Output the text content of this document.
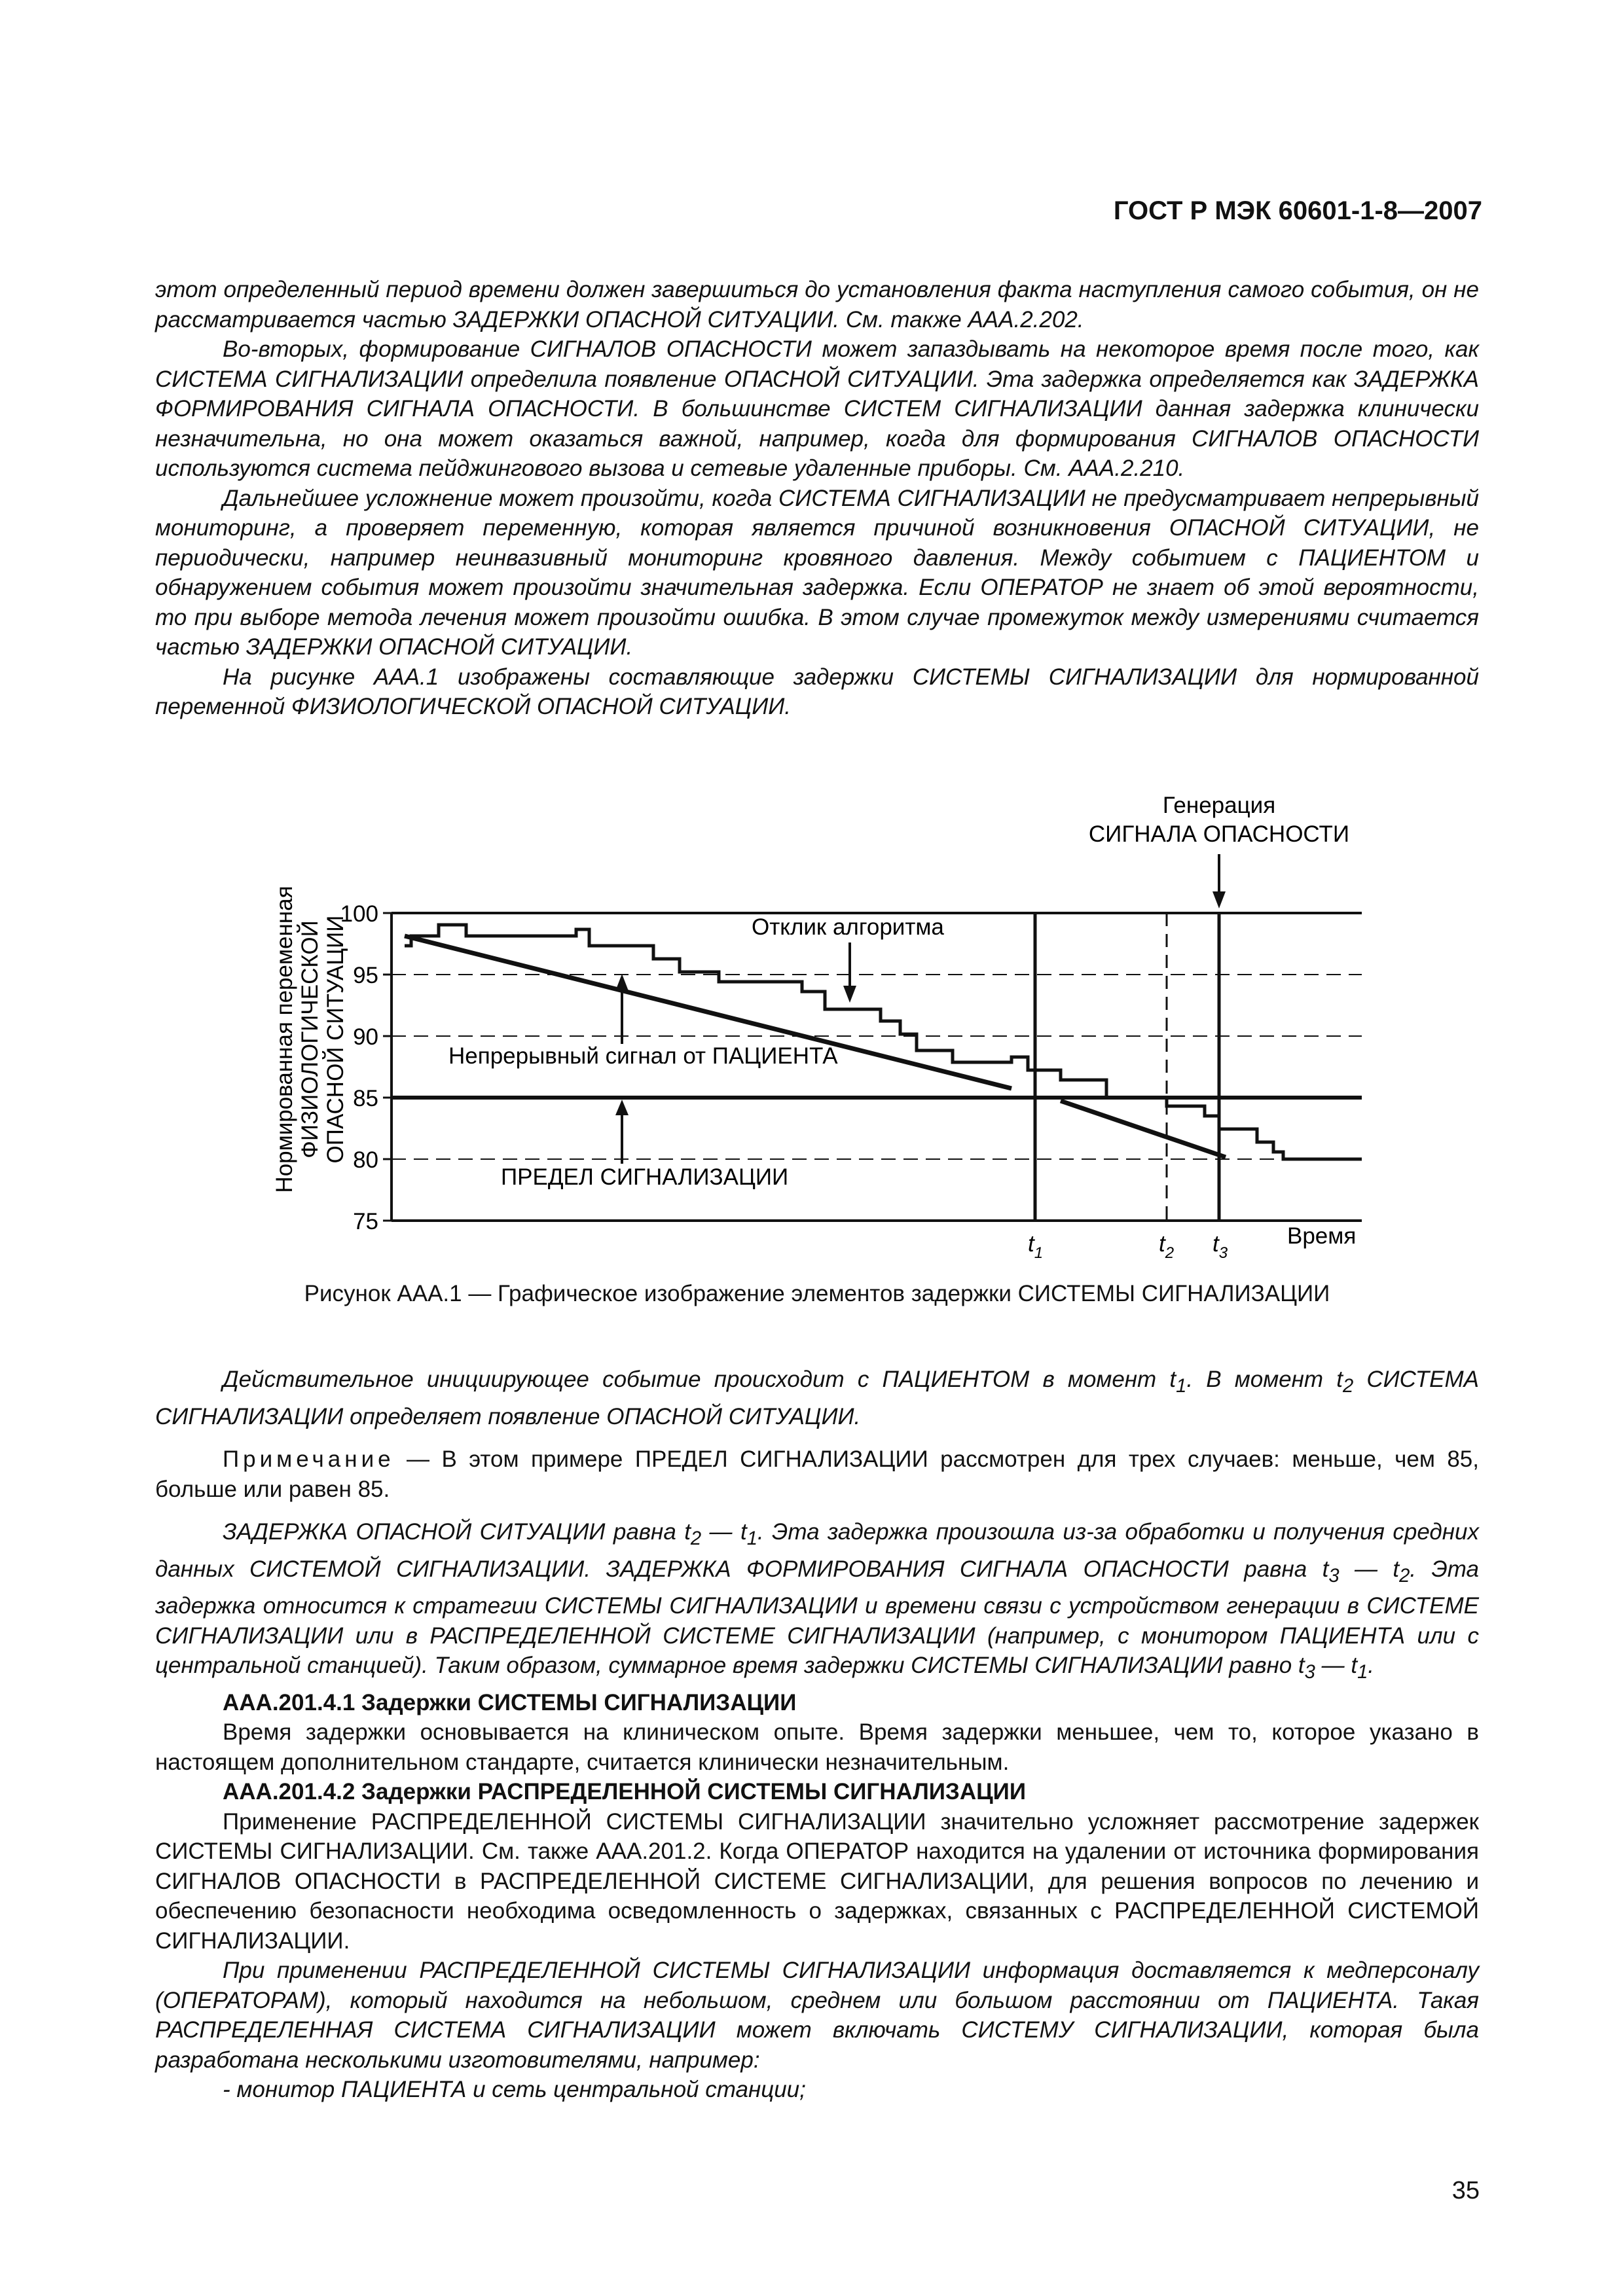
ГОСТ Р МЭК 60601-1-8—2007

этот определенный период времени должен завершиться до установления факта наступления самого события, он не рассматривается частью ЗАДЕРЖКИ ОПАСНОЙ СИТУАЦИИ. См. также ААА.2.202.

Во-вторых, формирование СИГНАЛОВ ОПАСНОСТИ может запаздывать на некоторое время после того, как СИСТЕМА СИГНАЛИЗАЦИИ определила появление ОПАСНОЙ СИТУАЦИИ. Эта задержка определяется как ЗАДЕРЖКА ФОРМИРОВАНИЯ СИГНАЛА ОПАСНОСТИ. В большинстве СИСТЕМ СИГНАЛИЗАЦИИ данная задержка клинически незначительна, но она может оказаться важной, например, когда для формирования СИГНАЛОВ ОПАСНОСТИ используются система пейджингового вызова и сетевые удаленные приборы. См. ААА.2.210.

Дальнейшее усложнение может произойти, когда СИСТЕМА СИГНАЛИЗАЦИИ не предусматривает непрерывный мониторинг, а проверяет переменную, которая является причиной возникновения ОПАСНОЙ СИТУАЦИИ, не периодически, например неинвазивный мониторинг кровяного давления. Между событием с ПАЦИЕНТОМ и обнаружением события может произойти значительная задержка. Если ОПЕРАТОР не знает об этой вероятности, то при выборе метода лечения может произойти ошибка. В этом случае промежуток между измерениями считается частью ЗАДЕРЖКИ ОПАСНОЙ СИТУАЦИИ.

На рисунке ААА.1 изображены составляющие задержки СИСТЕМЫ СИГНАЛИЗАЦИИ для нормированной переменной ФИЗИОЛОГИЧЕСКОЙ ОПАСНОЙ СИТУАЦИИ.

Генерация
СИГНАЛА ОПАСНОСТИ
Нормированная переменная ФИЗИОЛОГИЧЕСКОЙ ОПАСНОЙ СИТУАЦИИ
100
95
90
85
80
75
Отклик алгоритма
Непрерывный сигнал от ПАЦИЕНТА
ПРЕДЕЛ СИГНАЛИЗАЦИИ
$t_1$	$t_2$ $t_3$
Время
Рисунок ААА.1 — Графическое изображение элементов задержки СИСТЕМЫ СИГНАЛИЗАЦИИ

Действительное инициирующее событие происходит с ПАЦИЕНТОМ в момент $t_1$. В момент $t_2$ СИСТЕМА СИГНАЛИЗАЦИИ определяет появление ОПАСНОЙ СИТУАЦИИ.

Примечание — В этом примере ПРЕДЕЛ СИГНАЛИЗАЦИИ рассмотрен для трех случаев: меньше, чем 85, больше или равен 85.

ЗАДЕРЖКА ОПАСНОЙ СИТУАЦИИ равна $t_2$ — $t_1$. Эта задержка произошла из-за обработки и получения средних данных СИСТЕМОЙ СИГНАЛИЗАЦИИ. ЗАДЕРЖКА ФОРМИРОВАНИЯ СИГНАЛА ОПАСНОСТИ равна $t_3$ — $t_2$. Эта задержка относится к стратегии СИСТЕМЫ СИГНАЛИЗАЦИИ и времени связи с устройством генерации в СИСТЕМЕ СИГНАЛИЗАЦИИ или в РАСПРЕДЕЛЕННОЙ СИСТЕМЕ СИГНАЛИЗАЦИИ (например, с монитором ПАЦИЕНТА или с центральной станцией). Таким образом, суммарное время задержки СИСТЕМЫ СИГНАЛИЗАЦИИ равно $t_3$ — $t_1$.

ААА.201.4.1 Задержки СИСТЕМЫ СИГНАЛИЗАЦИИ

Время задержки основывается на клиническом опыте. Время задержки меньшее, чем то, которое указано в настоящем дополнительном стандарте, считается клинически незначительным.

ААА.201.4.2 Задержки РАСПРЕДЕЛЕННОЙ СИСТЕМЫ СИГНАЛИЗАЦИИ

Применение РАСПРЕДЕЛЕННОЙ СИСТЕМЫ СИГНАЛИЗАЦИИ значительно усложняет рассмотрение задержек СИСТЕМЫ СИГНАЛИЗАЦИИ. См. также ААА.201.2. Когда ОПЕРАТОР находится на удалении от источника формирования СИГНАЛОВ ОПАСНОСТИ в РАСПРЕДЕЛЕННОЙ СИСТЕМЕ СИГНАЛИЗАЦИИ, для решения вопросов по лечению и обеспечению безопасности необходима осведомленность о задержках, связанных с РАСПРЕДЕЛЕННОЙ СИСТЕМОЙ СИГНАЛИЗАЦИИ.

При применении РАСПРЕДЕЛЕННОЙ СИСТЕМЫ СИГНАЛИЗАЦИИ информация доставляется к медперсоналу (ОПЕРАТОРАМ), который находится на небольшом, среднем или большом расстоянии от ПАЦИЕНТА. Такая РАСПРЕДЕЛЕННАЯ СИСТЕМА СИГНАЛИЗАЦИИ может включать СИСТЕМУ СИГНАЛИЗАЦИИ, которая была разработана несколькими изготовителями, например:

- монитор ПАЦИЕНТА и сеть центральной станции;

35
